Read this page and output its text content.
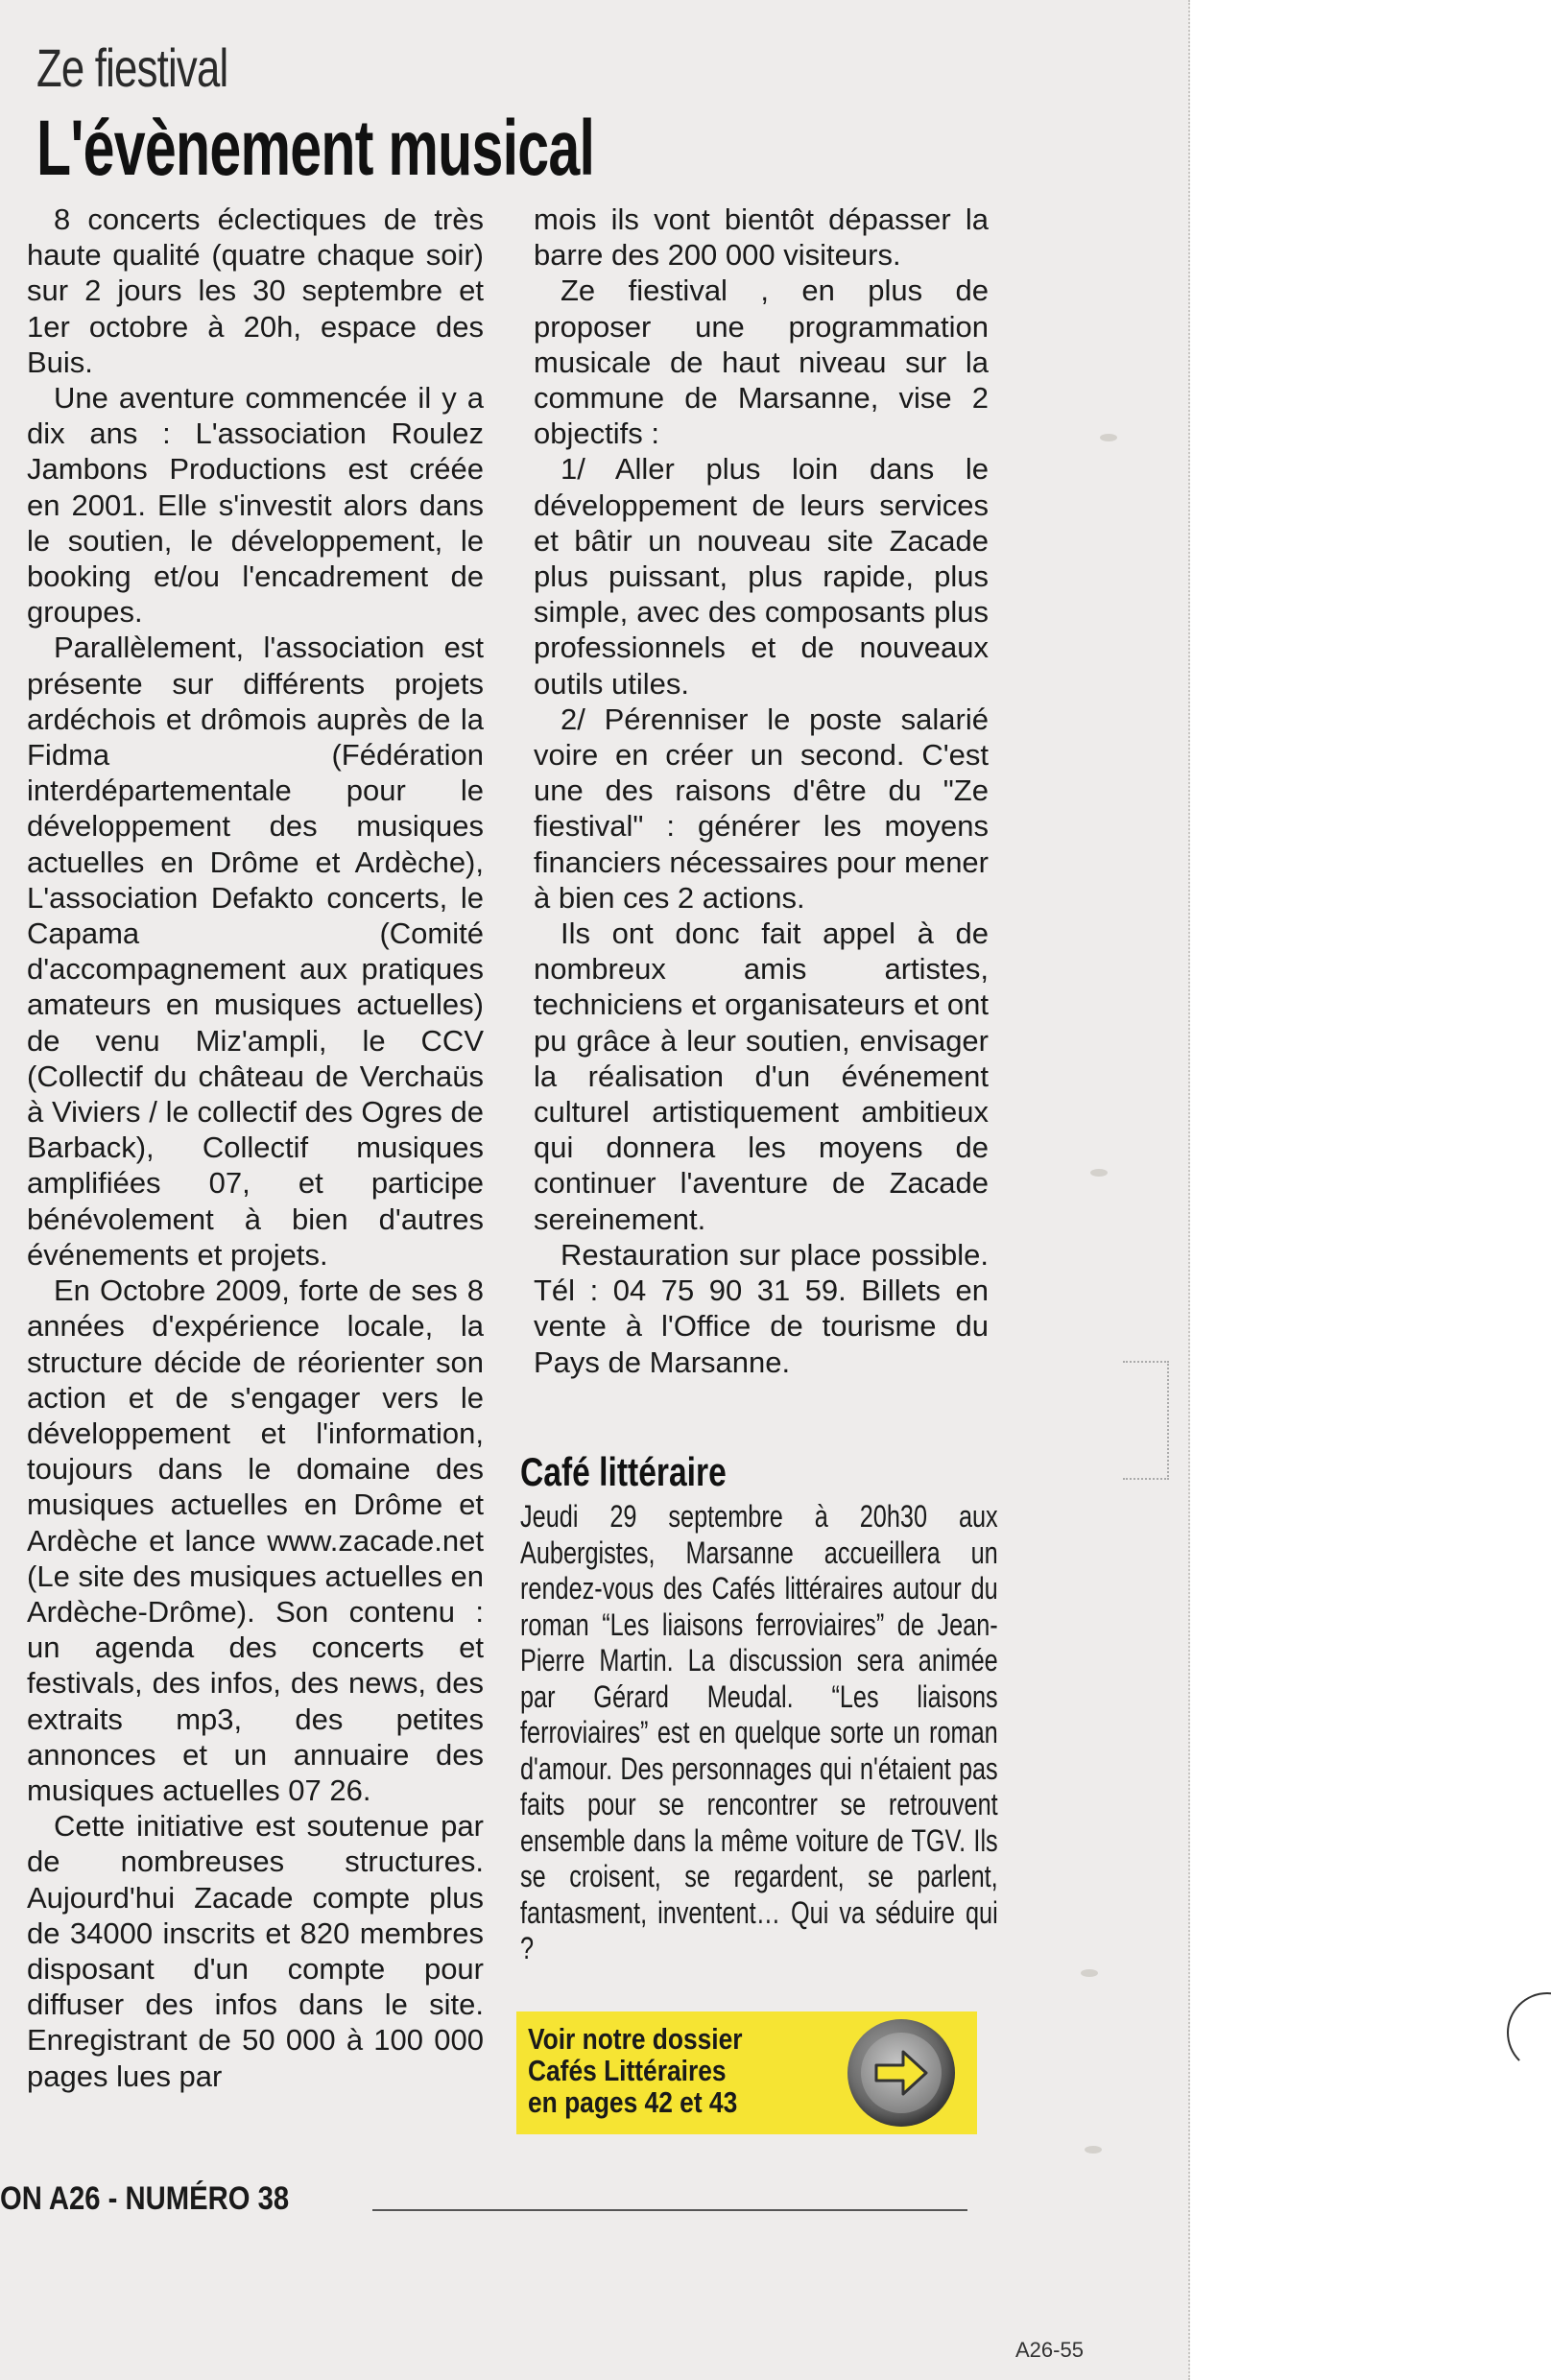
Ze fiestival
L'évènement musical

8 concerts éclectiques de très haute qualité (quatre chaque soir) sur 2 jours les 30 septembre et 1er octobre à 20h, espace des Buis.

Une aventure commencée il y a dix ans : L'association Roulez Jambons Productions est créée en 2001. Elle s'investit alors dans le soutien, le développement, le booking et/ou l'encadrement de groupes.

Parallèlement, l'association est présente sur différents projets ardéchois et drômois auprès de la Fidma (Fédération interdépartementale pour le développement des musiques actuelles en Drôme et Ardèche), L'association Defakto concerts, le Capama (Comité d'accompagnement aux pratiques amateurs en musiques actuelles) de venu Miz'ampli, le CCV (Collectif du château de Verchaüs à Viviers / le collectif des Ogres de Barback), Collectif musiques amplifiées 07, et participe bénévolement à bien d'autres événements et projets.

En Octobre 2009, forte de ses 8 années d'expérience locale, la structure décide de réorienter son action et de s'engager vers le développement et l'information, toujours dans le domaine des musiques actuelles en Drôme et Ardèche et lance www.zacade.net (Le site des musiques actuelles en Ardèche-Drôme). Son contenu : un agenda des concerts et festivals, des infos, des news, des extraits mp3, des petites annonces et un annuaire des musiques actuelles 07 26.

Cette initiative est soutenue par de nombreuses structures. Aujourd'hui Zacade compte plus de 34000 inscrits et 820 membres disposant d'un compte pour diffuser des infos dans le site. Enregistrant de 50 000 à 100 000 pages lues par

mois ils vont bientôt dépasser la barre des 200 000 visiteurs.

Ze fiestival , en plus de proposer une programmation musicale de haut niveau sur la commune de Marsanne, vise 2 objectifs :

1/ Aller plus loin dans le développement de leurs services et bâtir un nouveau site Zacade plus puissant, plus rapide, plus simple, avec des composants plus professionnels et de nouveaux outils utiles.

2/ Pérenniser le poste salarié voire en créer un second. C'est une des raisons d'être du "Ze fiestival" : générer les moyens financiers nécessaires pour mener à bien ces 2 actions.

Ils ont donc fait appel à de nombreux amis artistes, techniciens et organisateurs et ont pu grâce à leur soutien, envisager la réalisation d'un événement culturel artistiquement ambitieux qui donnera les moyens de continuer l'aventure de Zacade sereinement.

Restauration sur place possible. Tél : 04 75 90 31 59. Billets en vente à l'Office de tourisme du Pays de Marsanne.

Café littéraire

Jeudi 29 septembre à 20h30 aux Aubergistes, Marsanne accueillera un rendez-vous des Cafés littéraires autour du roman “Les liaisons ferroviaires” de Jean-Pierre Martin. La discussion sera animée par Gérard Meudal. “Les liaisons ferroviaires” est en quelque sorte un roman d'amour. Des personnages qui n'étaient pas faits pour se rencontrer se retrouvent ensemble dans la même voiture de TGV. Ils se croisent, se regardent, se parlent, fantasment, inventent… Qui va séduire qui ?

Voir notre dossier
Cafés Littéraires
en pages 42 et 43
ON A26 - NUMÉRO 38
A26-55
